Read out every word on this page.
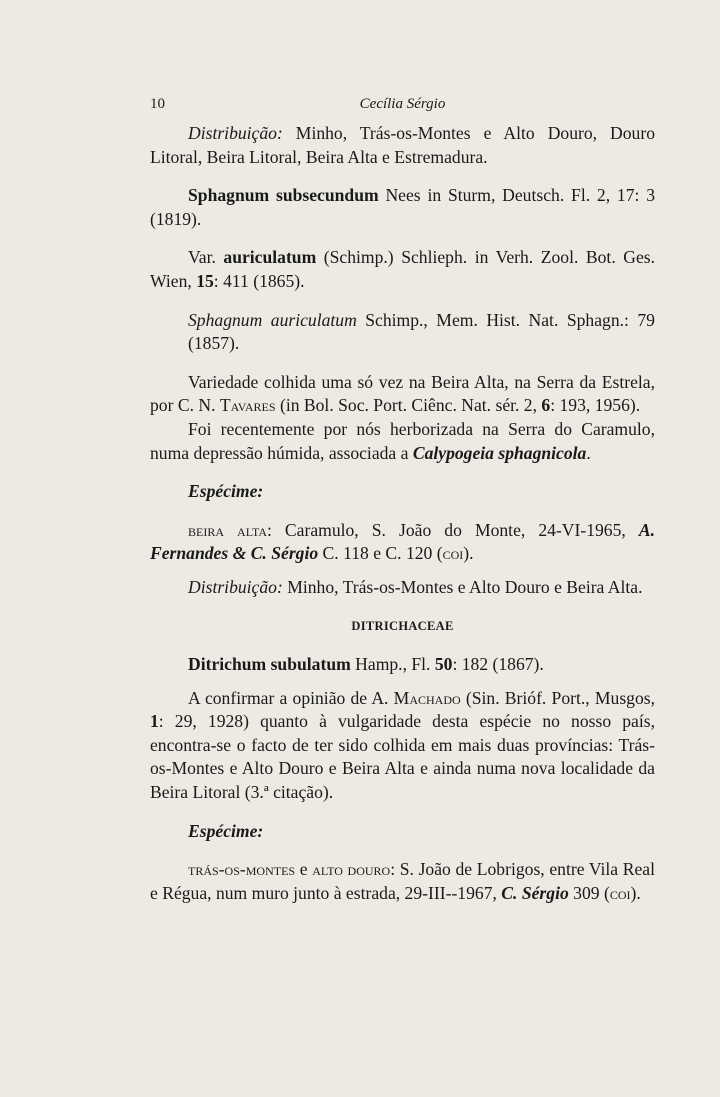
10	Cecília Sérgio

Distribuição: Minho, Trás-os-Montes e Alto Douro, Douro Litoral, Beira Litoral, Beira Alta e Estremadura.

Sphagnum subsecundum Nees in Sturm, Deutsch. Fl. 2, 17: 3 (1819).

Var. auriculatum (Schimp.) Schlieph. in Verh. Zool. Bot. Ges. Wien, 15: 411 (1865).

Sphagnum auriculatum Schimp., Mem. Hist. Nat. Sphagn.: 79 (1857).

Variedade colhida uma só vez na Beira Alta, na Serra da Estrela, por C. N. Tavares (in Bol. Soc. Port. Ciênc. Nat. sér. 2, 6: 193, 1956).

Foi recentemente por nós herborizada na Serra do Caramulo, numa depressão húmida, associada a Calypogeia sphagnicola.

Espécime:

beira alta: Caramulo, S. João do Monte, 24-VI-1965, A. Fernandes & C. Sérgio C. 118 e C. 120 (coi).

Distribuição: Minho, Trás-os-Montes e Alto Douro e Beira Alta.

DITRICHACEAE

Ditrichum subulatum Hamp., Fl. 50: 182 (1867).

A confirmar a opinião de A. Machado (Sin. Brióf. Port., Musgos, 1: 29, 1928) quanto à vulgaridade desta espécie no nosso país, encontra-se o facto de ter sido colhida em mais duas províncias: Trás-os-Montes e Alto Douro e Beira Alta e ainda numa nova localidade da Beira Litoral (3.ª citação).

Espécime:

trás-os-montes e alto douro: S. João de Lobrigos, entre Vila Real e Régua, num muro junto à estrada, 29-III--1967, C. Sérgio 309 (coi).
